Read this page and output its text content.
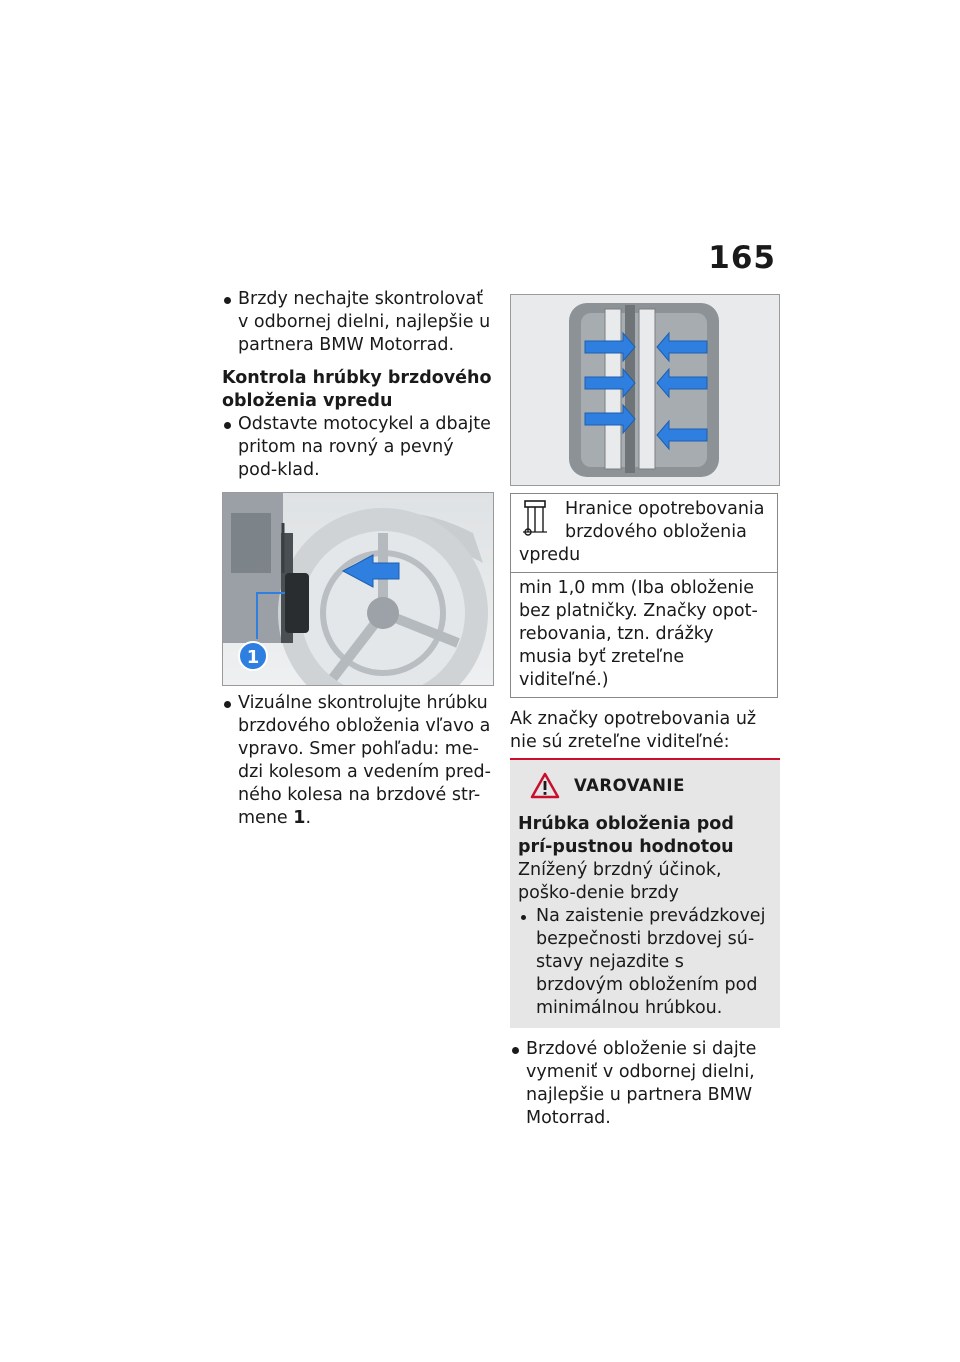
165
Brzdy nechajte skontrolovať v odbornej dielni, najlepšie u partnera BMW Motorrad.
Kontrola hrúbky brzdového obloženia vpredu
Odstavte motocykel a dbajte pritom na rovný a pevný pod-klad.
1
Vizuálne skontrolujte hrúbku brzdového obloženia vľavo a vpravo. Smer pohľadu: me-dzi kolesom a vedením pred-ného kolesa na brzdové str-mene 1.
Hranice opotrebovania brzdového obloženia vpredu
min 1,0 mm (Iba obloženie bez platničky. Značky opot-rebovania, tzn. drážky musia byť zreteľne viditeľné.)
Ak značky opotrebovania už nie sú zreteľne viditeľné:
VAROVANIE
Hrúbka obloženia pod prí-pustnou hodnotou
Znížený brzdný účinok, poško-denie brzdy
Na zaistenie prevádzkovej bezpečnosti brzdovej sú-stavy nejazdite s brzdovým obložením pod minimálnou hrúbkou.
Brzdové obloženie si dajte vymeniť v odbornej dielni, najlepšie u partnera BMW Motorrad.
